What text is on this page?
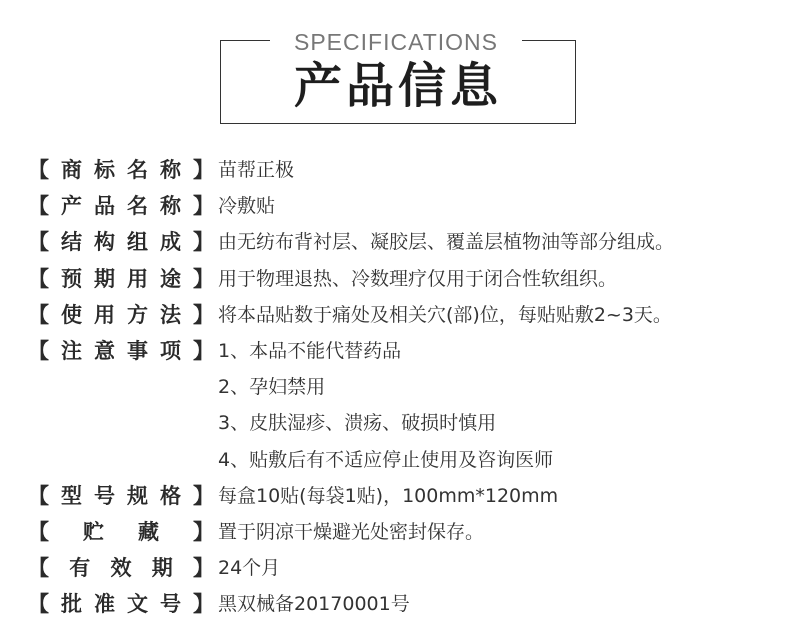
SPECIFICATIONS
产品信息
【 商 标 名 称 】 苗帮正极
【 产 品 名 称 】 冷敷贴
【 结 构 组 成 】 由无纺布背衬层、凝胶层、覆盖层植物油等部分组成。
【 预 期 用 途 】 用于物理退热、冷数理疗仅用于闭合性软组织。
【 使 用 方 法 】 将本品贴数于痛处及相关穴(部)位，每贴贴敷2~3天。
【 注 意 事 项 】 1、本品不能代替药品
2、孕妇禁用
3、皮肤湿疹、溃疡、破损时慎用
4、贴敷后有不适应停止使用及咨询医师
【 型 号 规 格 】 每盒10贴(每袋1贴)，100mm*120mm
【
贮
藏
】 置于阴凉干燥避光处密封保存。
【 有 效 期 】 24个月
【 批 准 文 号 】 黑双械备20170001号
